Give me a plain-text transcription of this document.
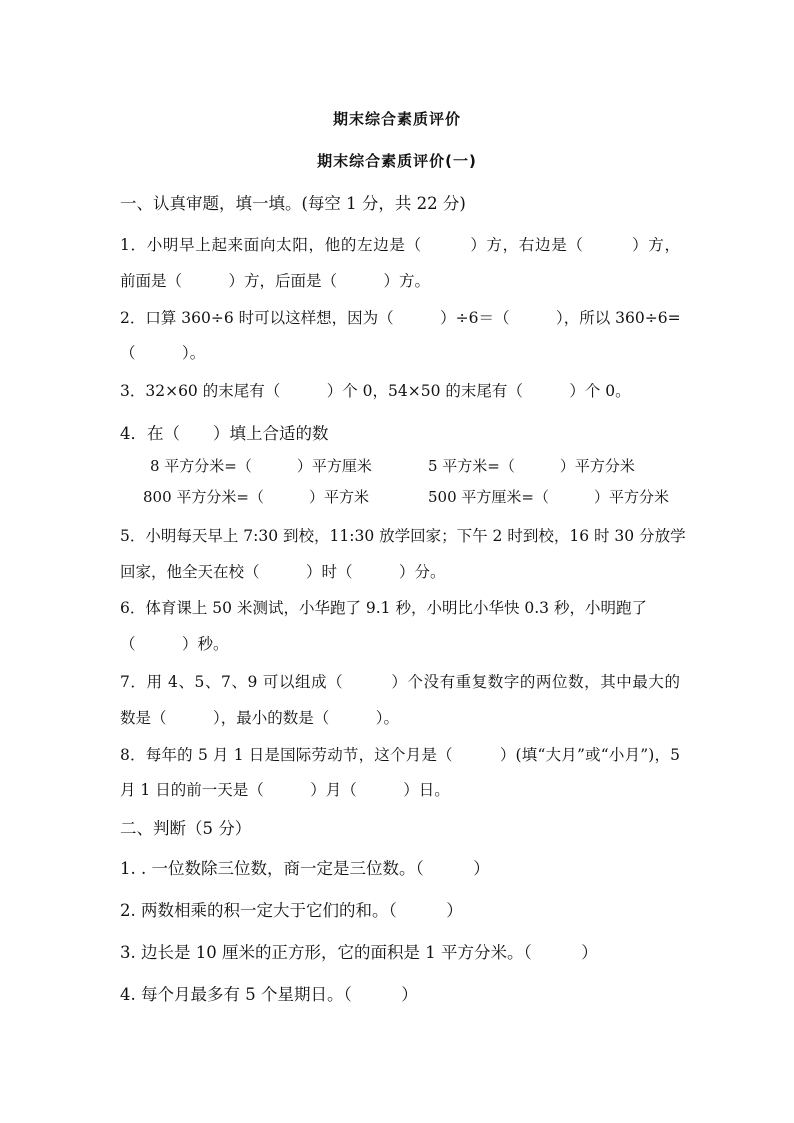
期末综合素质评价
期末综合素质评价(一)
一、认真审题，填一填。(每空 1 分，共 22 分)
1．小明早上起来面向太阳，他的左边是（　　　）方，右边是（　　　）方，
前面是（　　　）方，后面是（　　　）方。
2．口算 360÷6 时可以这样想，因为（　　　）÷6＝（　　　），所以 360÷6=
（　　　）。
3．32×60 的末尾有（　　　）个 0，54×50 的末尾有（　　　）个 0。
4．在（　　）填上合适的数
8 平方分米=（　　　）平方厘米	5 平方米=（　　　）平方分米
800 平方分米=（　　　）平方米	500 平方厘米=（　　　）平方分米
5．小明每天早上 7:30 到校，11:30 放学回家；下午 2 时到校，16 时 30 分放学
回家，他全天在校（　　　）时（　　　）分。
6．体育课上 50 米测试，小华跑了 9.1 秒，小明比小华快 0.3 秒，小明跑了
（　　　）秒。
7．用 4、5、7、9 可以组成（　　　）个没有重复数字的两位数，其中最大的
数是（　　　），最小的数是（　　　）。
8．每年的 5 月 1 日是国际劳动节，这个月是（　　　）(填“大月”或“小月”)，5
月 1 日的前一天是（　　　）月（　　　）日。
二、判断（5 分）
1. . 一位数除三位数，商一定是三位数。（　　　）
2. 两数相乘的积一定大于它们的和。（　　　）
3. 边长是 10 厘米的正方形，它的面积是 1 平方分米。（　　　）
4. 每个月最多有 5 个星期日。（　　　）
